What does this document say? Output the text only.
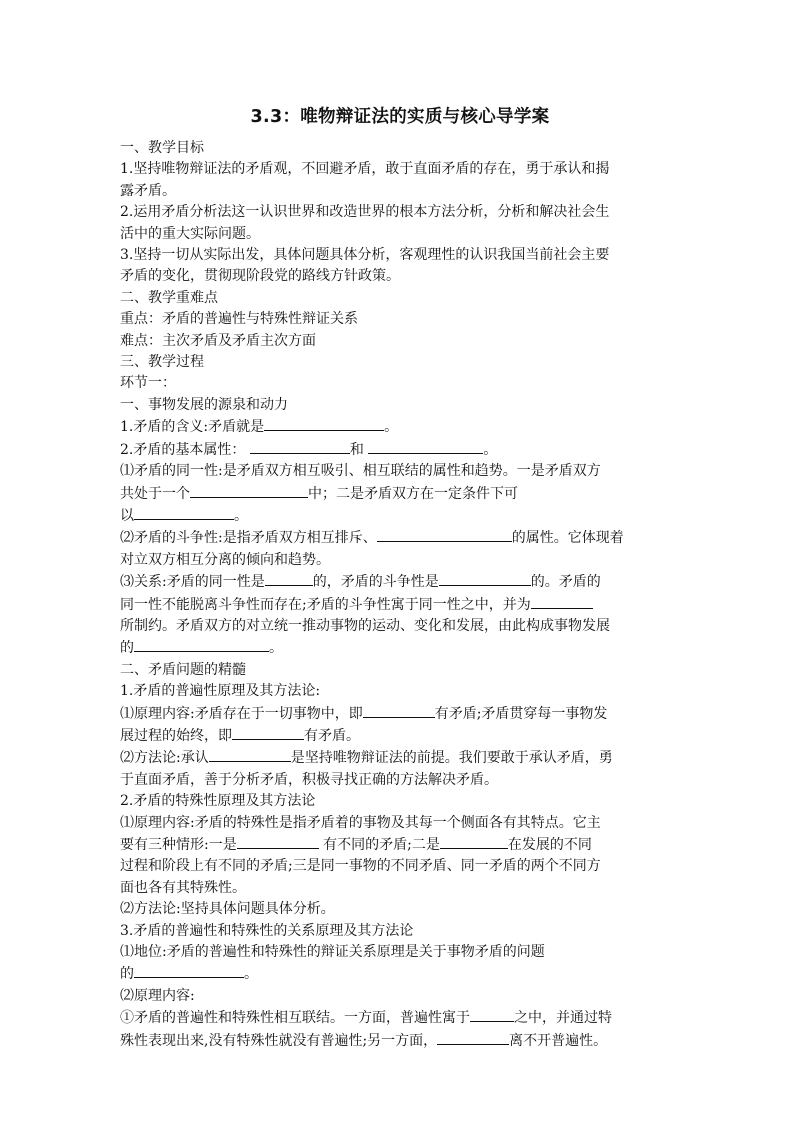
3.3：唯物辩证法的实质与核心导学案
一、教学目标
1.坚持唯物辩证法的矛盾观，不回避矛盾，敢于直面矛盾的存在，勇于承认和揭
露矛盾。
2.运用矛盾分析法这一认识世界和改造世界的根本方法分析，分析和解决社会生
活中的重大实际问题。
3.坚持一切从实际出发，具体问题具体分析，客观理性的认识我国当前社会主要
矛盾的变化，贯彻现阶段党的路线方针政策。
二、教学重难点
重点：矛盾的普遍性与特殊性辩证关系
难点：主次矛盾及矛盾主次方面
三、教学过程
环节一：
一、事物发展的源泉和动力
1.矛盾的含义:矛盾就是	。
2.矛盾的基本属性：	和	。
⑴矛盾的同一性:是矛盾双方相互吸引、相互联结的属性和趋势。一是矛盾双方
共处于一个	中；二是矛盾双方在一定条件下可
以	。
⑵矛盾的斗争性:是指矛盾双方相互排斥、	的属性。它体现着
对立双方相互分离的倾向和趋势。
⑶关系:矛盾的同一性是	的，矛盾的斗争性是	的。矛盾的
同一性不能脱离斗争性而存在;矛盾的斗争性寓于同一性之中，并为
所制约。矛盾双方的对立统一推动事物的运动、变化和发展，由此构成事物发展
的	。
二、矛盾问题的精髓
1.矛盾的普遍性原理及其方法论:
⑴原理内容:矛盾存在于一切事物中，即	有矛盾;矛盾贯穿每一事物发
展过程的始终，即	有矛盾。
⑵方法论:承认	是坚持唯物辩证法的前提。我们要敢于承认矛盾，勇
于直面矛盾，善于分析矛盾，积极寻找正确的方法解决矛盾。
2.矛盾的特殊性原理及其方法论
⑴原理内容:矛盾的特殊性是指矛盾着的事物及其每一个侧面各有其特点。它主
要有三种情形:一是	有不同的矛盾;二是	在发展的不同
过程和阶段上有不同的矛盾;三是同一事物的不同矛盾、同一矛盾的两个不同方
面也各有其特殊性。
⑵方法论:坚持具体问题具体分析。
3.矛盾的普遍性和特殊性的关系原理及其方法论
⑴地位:矛盾的普遍性和特殊性的辩证关系原理是关于事物矛盾的问题
的	。
⑵原理内容:
①矛盾的普遍性和特殊性相互联结。一方面，普遍性寓于	之中，并通过特
殊性表现出来,没有特殊性就没有普遍性;另一方面，	离不开普遍性。
